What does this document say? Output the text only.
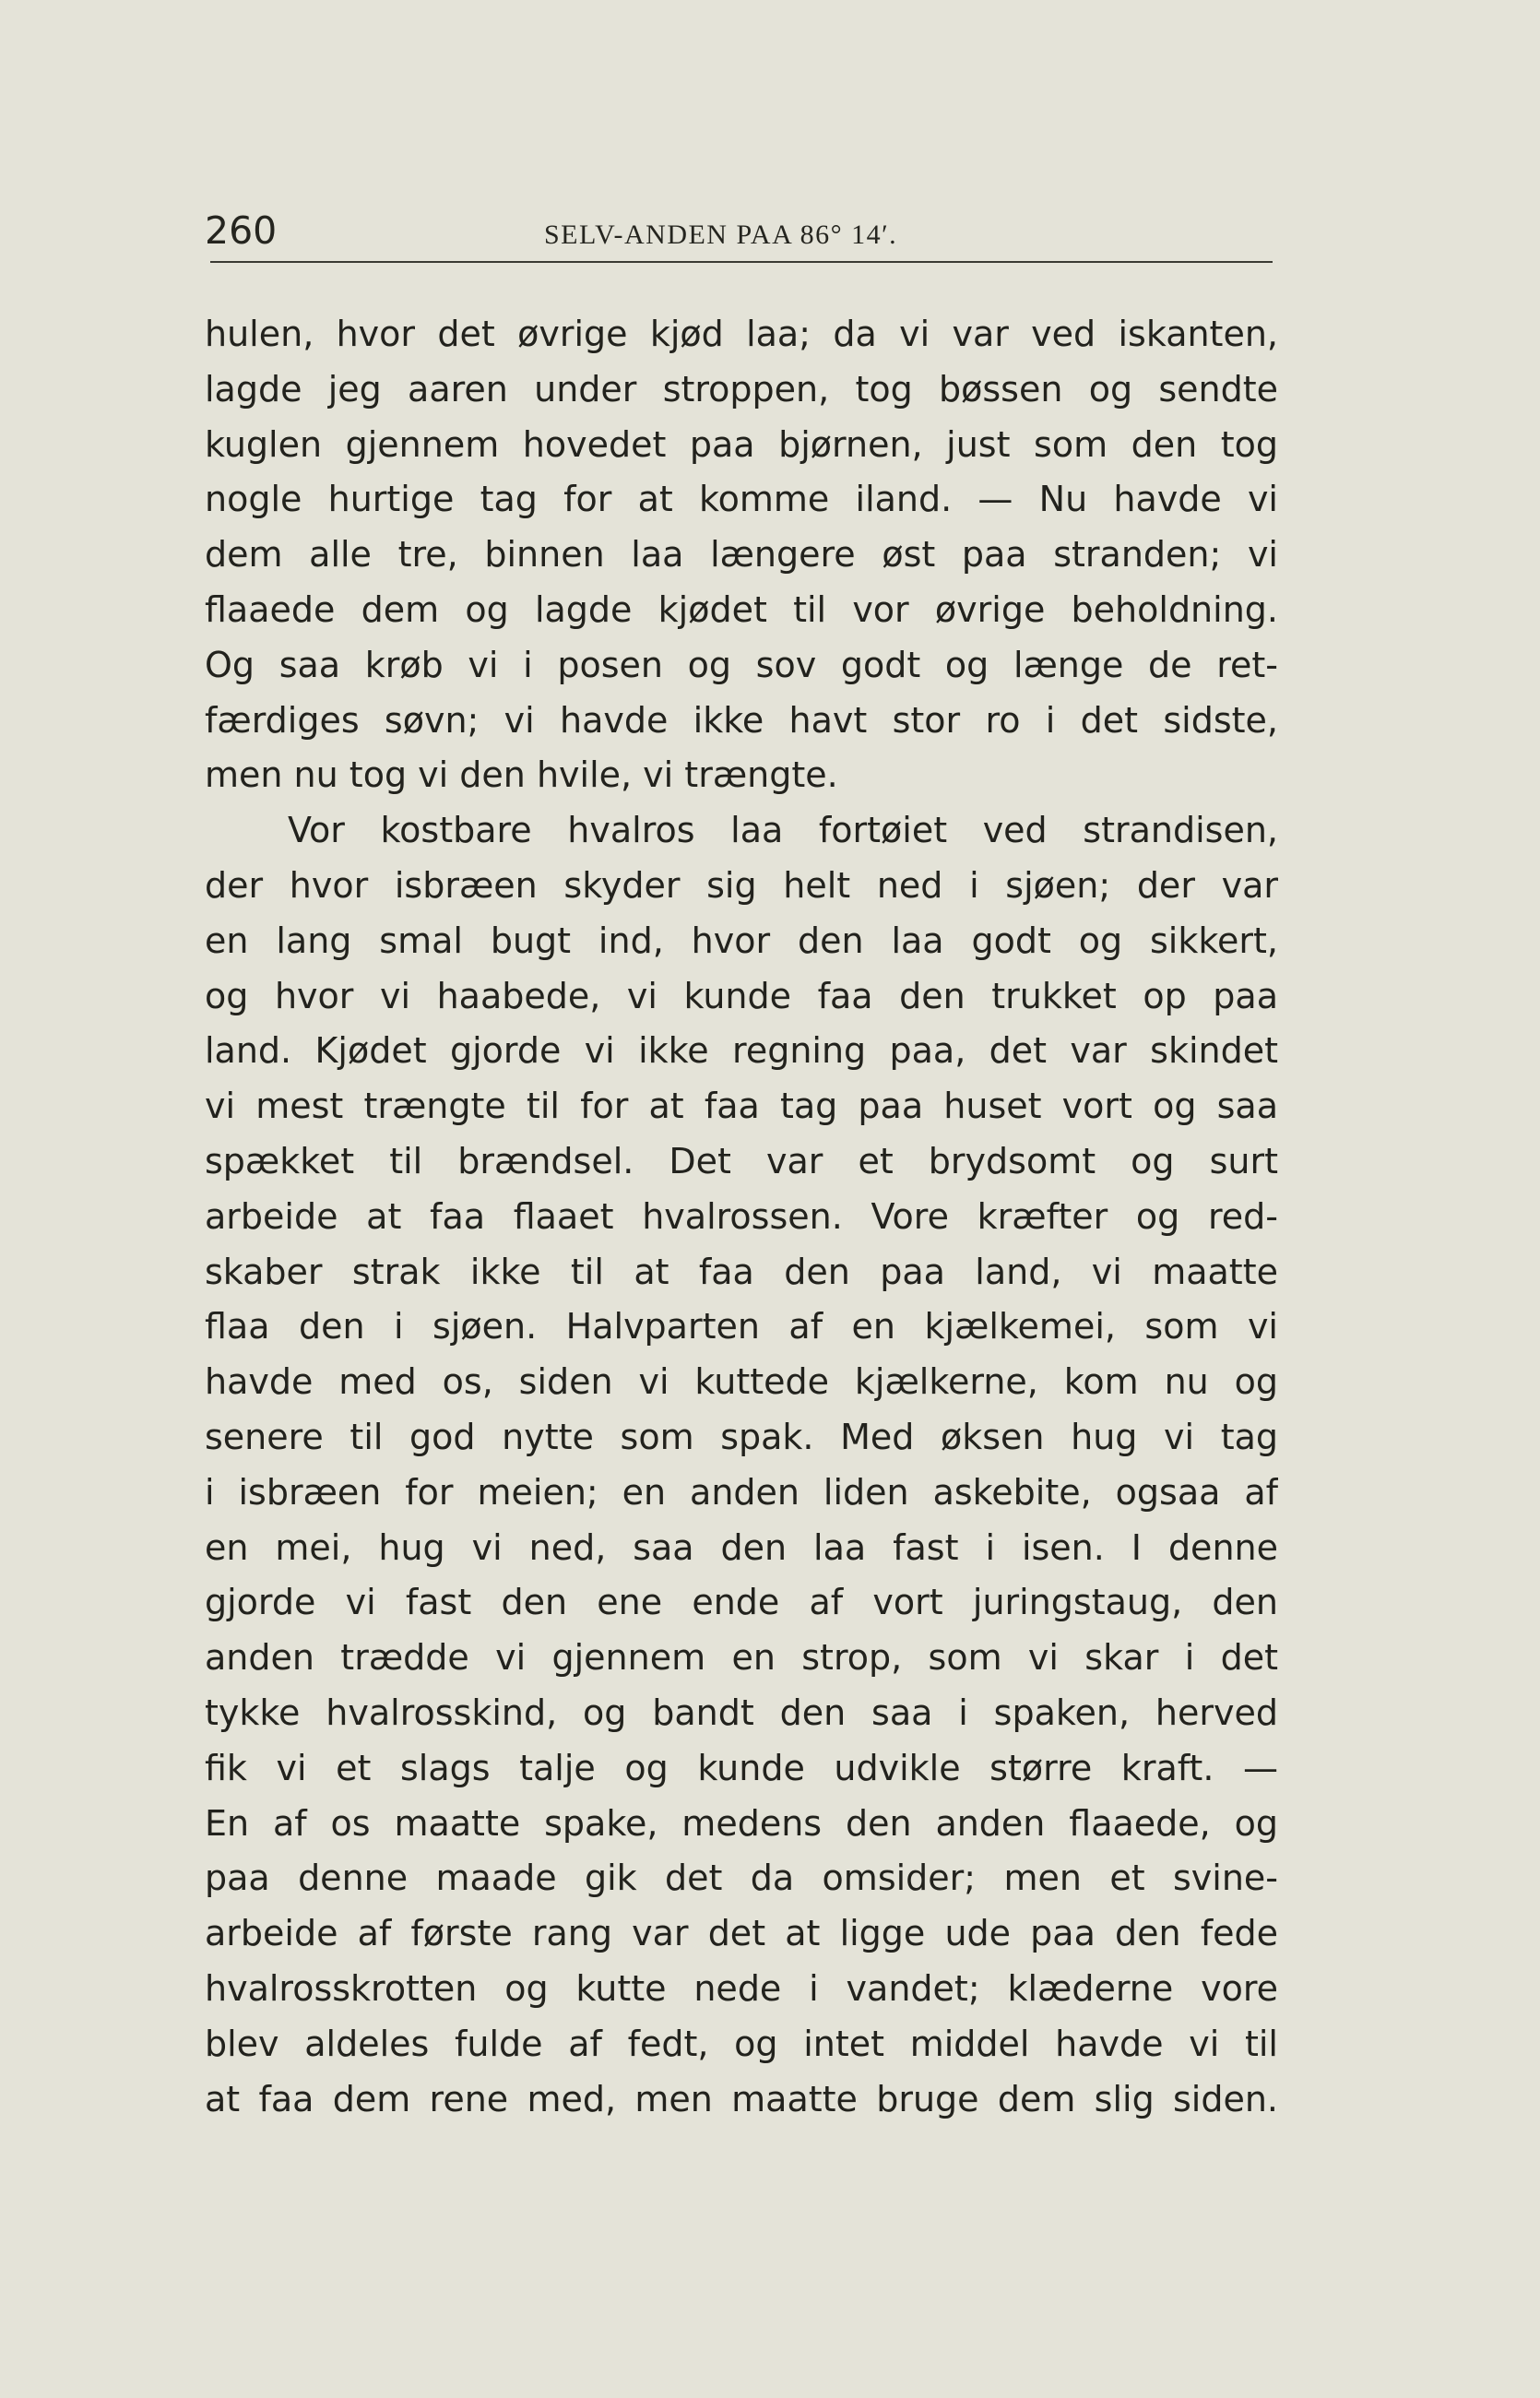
260	SELV-ANDEN PAA 86° 14′.
hulen, hvor det øvrige kjød laa; da vi var ved iskanten,
lagde jeg aaren under stroppen, tog bøssen og sendte
kuglen gjennem hovedet paa bjørnen, just som den tog
nogle hurtige tag for at komme iland. — Nu havde vi
dem alle tre, binnen laa længere øst paa stranden; vi
flaaede dem og lagde kjødet til vor øvrige beholdning.
Og saa krøb vi i posen og sov godt og længe de ret-
færdiges søvn; vi havde ikke havt stor ro i det sidste,
men nu tog vi den hvile, vi trængte.
Vor kostbare hvalros laa fortøiet ved strandisen,
der hvor isbræen skyder sig helt ned i sjøen; der var
en lang smal bugt ind, hvor den laa godt og sikkert,
og hvor vi haabede, vi kunde faa den trukket op paa
land. Kjødet gjorde vi ikke regning paa, det var skindet
vi mest trængte til for at faa tag paa huset vort og saa
spækket til brændsel. Det var et brydsomt og surt
arbeide at faa flaaet hvalrossen. Vore kræfter og red-
skaber strak ikke til at faa den paa land, vi maatte
flaa den i sjøen. Halvparten af en kjælkemei, som vi
havde med os, siden vi kuttede kjælkerne, kom nu og
senere til god nytte som spak. Med øksen hug vi tag
i isbræen for meien; en anden liden askebite, ogsaa af
en mei, hug vi ned, saa den laa fast i isen. I denne
gjorde vi fast den ene ende af vort juringstaug, den
anden trædde vi gjennem en strop, som vi skar i det
tykke hvalrosskind, og bandt den saa i spaken, herved
fik vi et slags talje og kunde udvikle større kraft. —
En af os maatte spake, medens den anden flaaede, og
paa denne maade gik det da omsider; men et svine-
arbeide af første rang var det at ligge ude paa den fede
hvalrosskrotten og kutte nede i vandet; klæderne vore
blev aldeles fulde af fedt, og intet middel havde vi til
at faa dem rene med, men maatte bruge dem slig siden.
